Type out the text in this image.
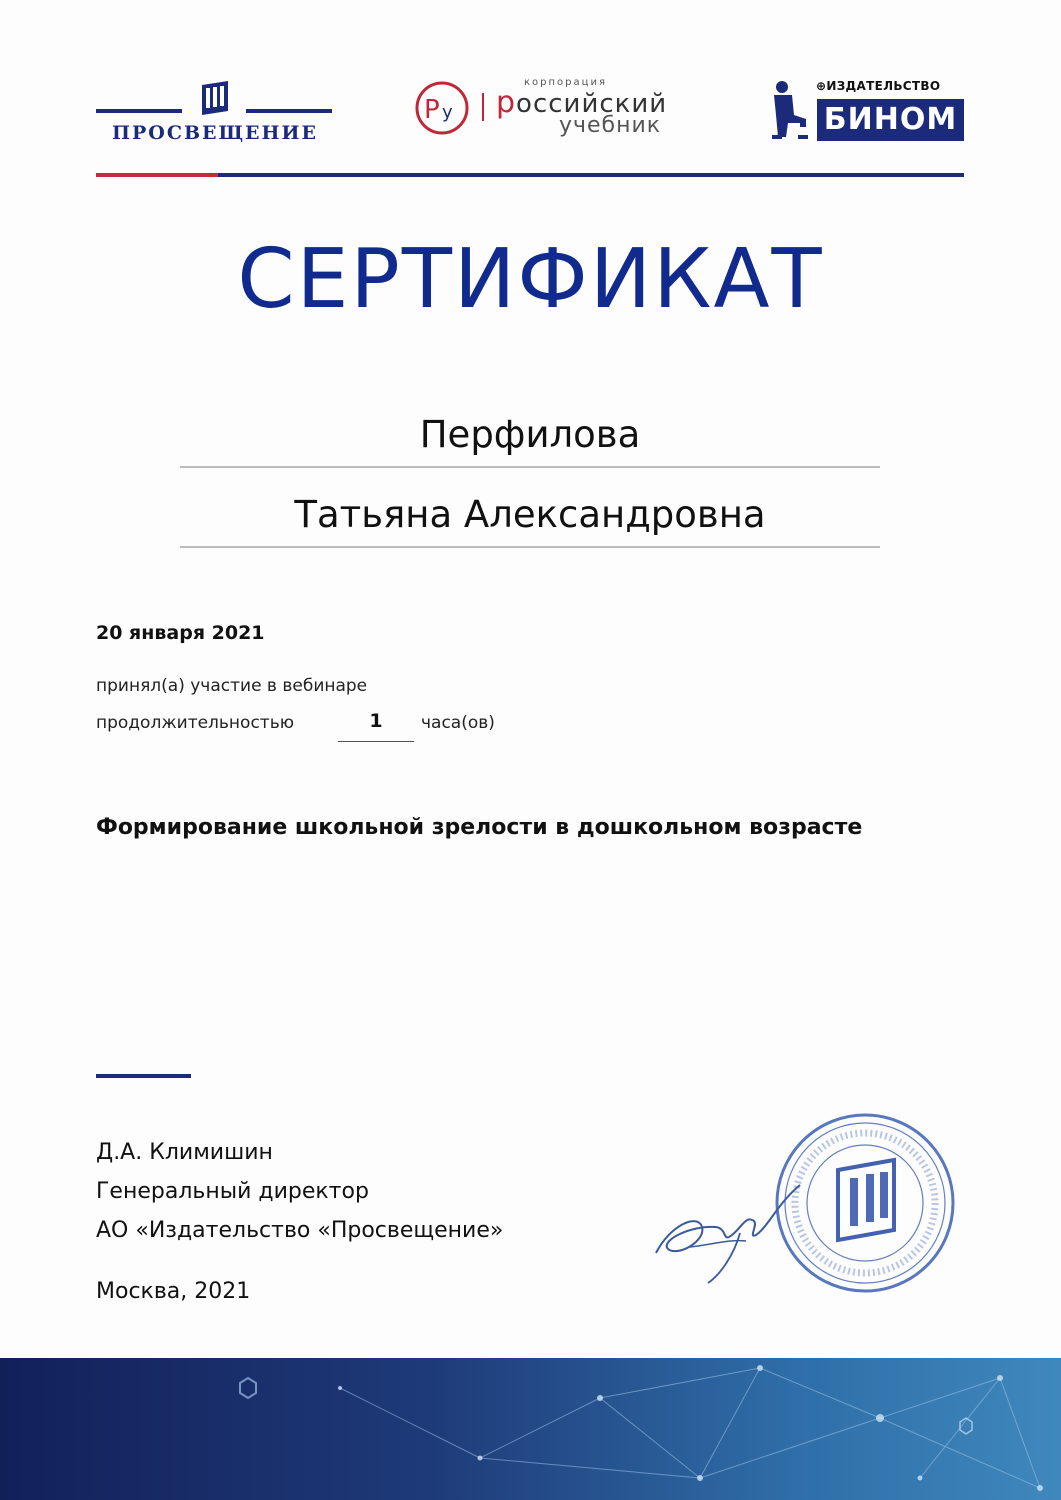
ПРОСВЕЩЕНИЕ
Р у
корпорация
российский
учебник
⊕ИЗДАТЕЛЬСТВО
БИНОМ
СЕРТИФИКАТ
Перфилова
Татьяна Александровна
20 января 2021
принял(а) участие в вебинаре
продолжительностью	1	часа(ов)
Формирование школьной зрелости в дошкольном возрасте
Д.А. Климишин
Генеральный директор
АО «Издательство «Просвещение»
Москва, 2021
